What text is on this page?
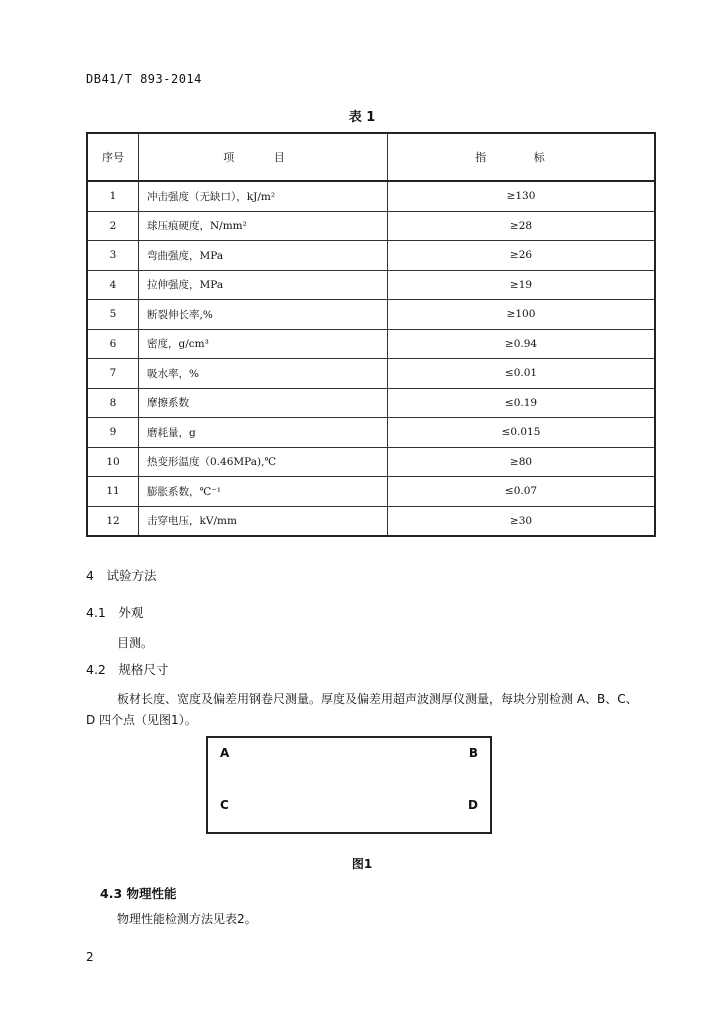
DB41/T 893-2014
表 1
序号	项 目	指 标
1	冲击强度（无缺口），kJ/m²	≥130
2	球压痕硬度，N/mm²	≥28
3	弯曲强度，MPa	≥26
4	拉伸强度，MPa	≥19
5	断裂伸长率,%	≥100
6	密度，g/cm³	≥0.94
7	吸水率，%	≤0.01
8	摩擦系数	≤0.19
9	磨耗量，g	≤0.015
10	热变形温度（0.46MPa),℃	≥80
11	膨胀系数，℃⁻¹	≤0.07
12	击穿电压，kV/mm	≥30
4　试验方法
4.1　外观
目测。
4.2　规格尺寸
板材长度、宽度及偏差用钢卷尺测量。厚度及偏差用超声波测厚仪测量，每块分别检测 A、B、C、
D 四个点（见图1）。
A	B
C	D
图1
4.3 物理性能
物理性能检测方法见表2。
2
